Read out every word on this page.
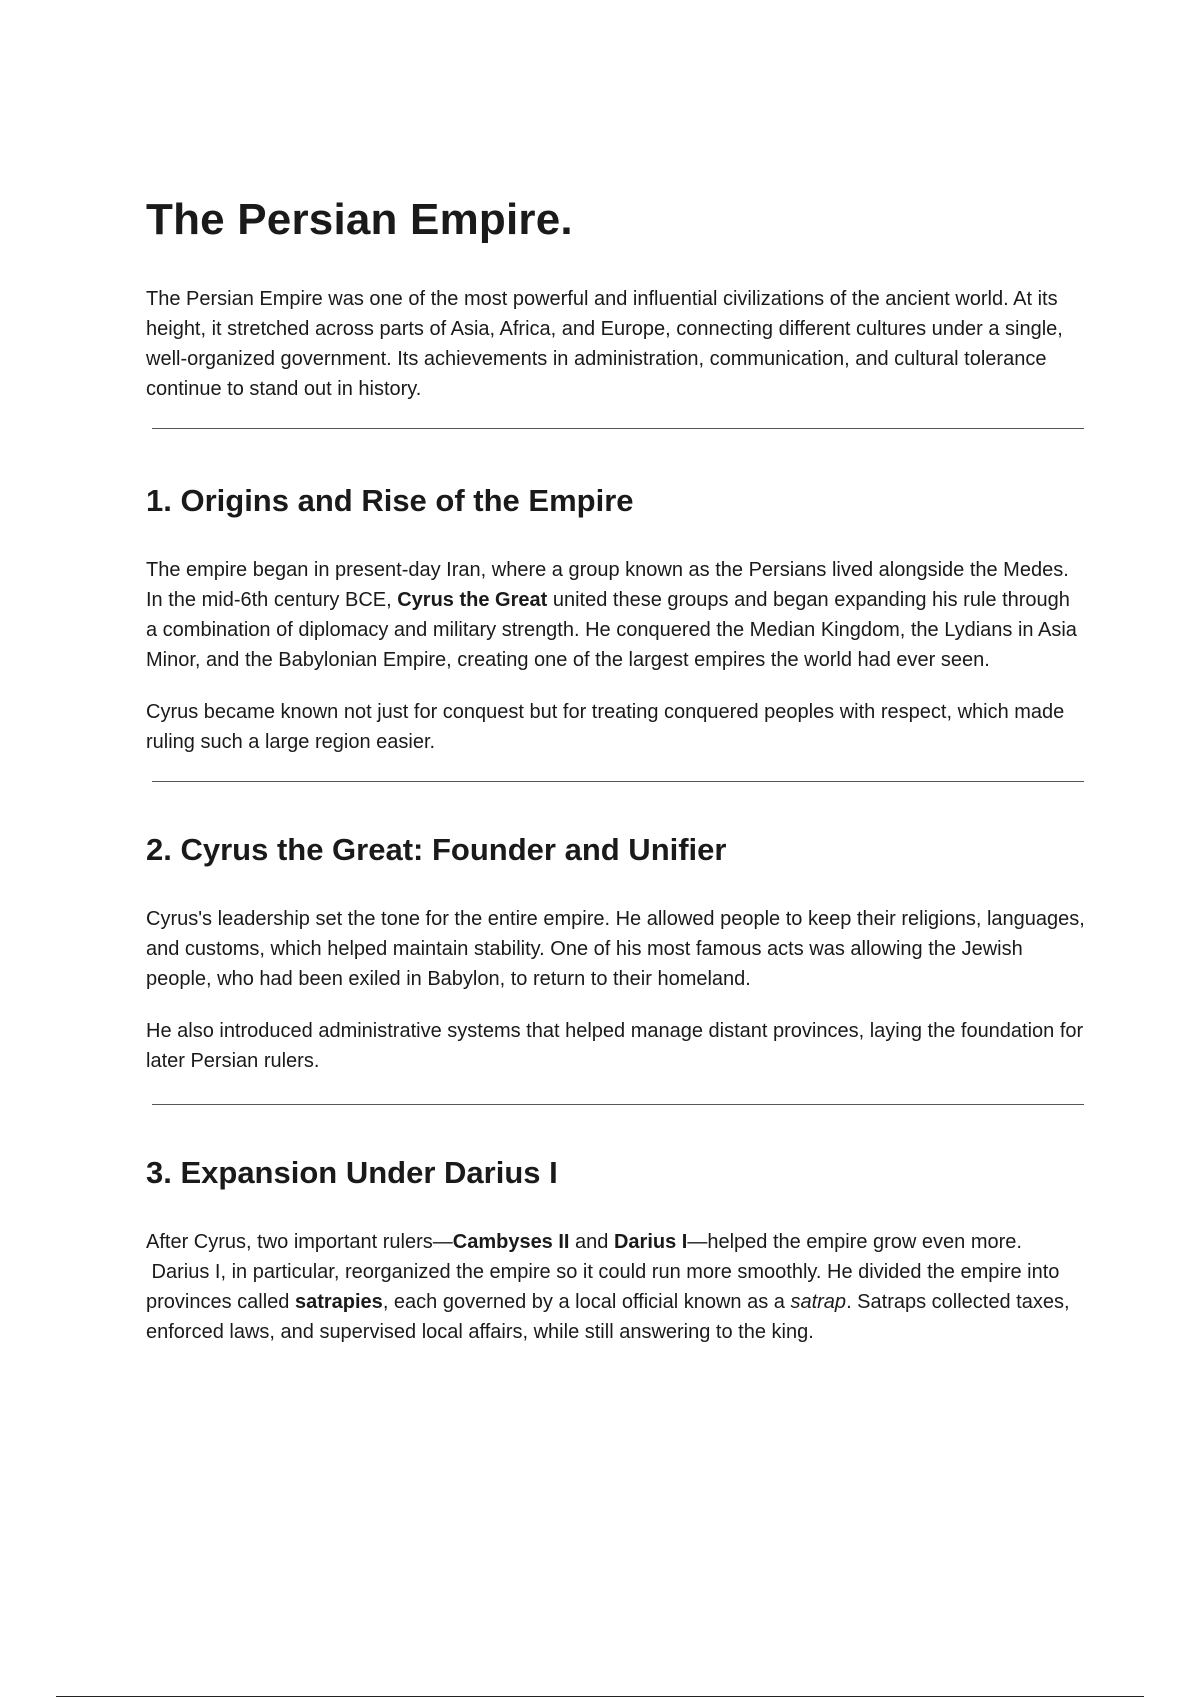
The Persian Empire.

The Persian Empire was one of the most powerful and influential civilizations of the ancient world. At its height, it stretched across parts of Asia, Africa, and Europe, connecting different cultures under a single, well-organized government. Its achievements in administration, communication, and cultural tolerance continue to stand out in history.

1. Origins and Rise of the Empire

The empire began in present-day Iran, where a group known as the Persians lived alongside the Medes. In the mid-6th century BCE, Cyrus the Great united these groups and began expanding his rule through a combination of diplomacy and military strength. He conquered the Median Kingdom, the Lydians in Asia Minor, and the Babylonian Empire, creating one of the largest empires the world had ever seen.

Cyrus became known not just for conquest but for treating conquered peoples with respect, which made ruling such a large region easier.

2. Cyrus the Great: Founder and Unifier

Cyrus's leadership set the tone for the entire empire. He allowed people to keep their religions, languages, and customs, which helped maintain stability. One of his most famous acts was allowing the Jewish people, who had been exiled in Babylon, to return to their homeland.

He also introduced administrative systems that helped manage distant provinces, laying the foundation for later Persian rulers.

3. Expansion Under Darius I

After Cyrus, two important rulers—Cambyses II and Darius I—helped the empire grow even more.
Darius I, in particular, reorganized the empire so it could run more smoothly. He divided the empire into provinces called satrapies, each governed by a local official known as a satrap. Satraps collected taxes, enforced laws, and supervised local affairs, while still answering to the king.
